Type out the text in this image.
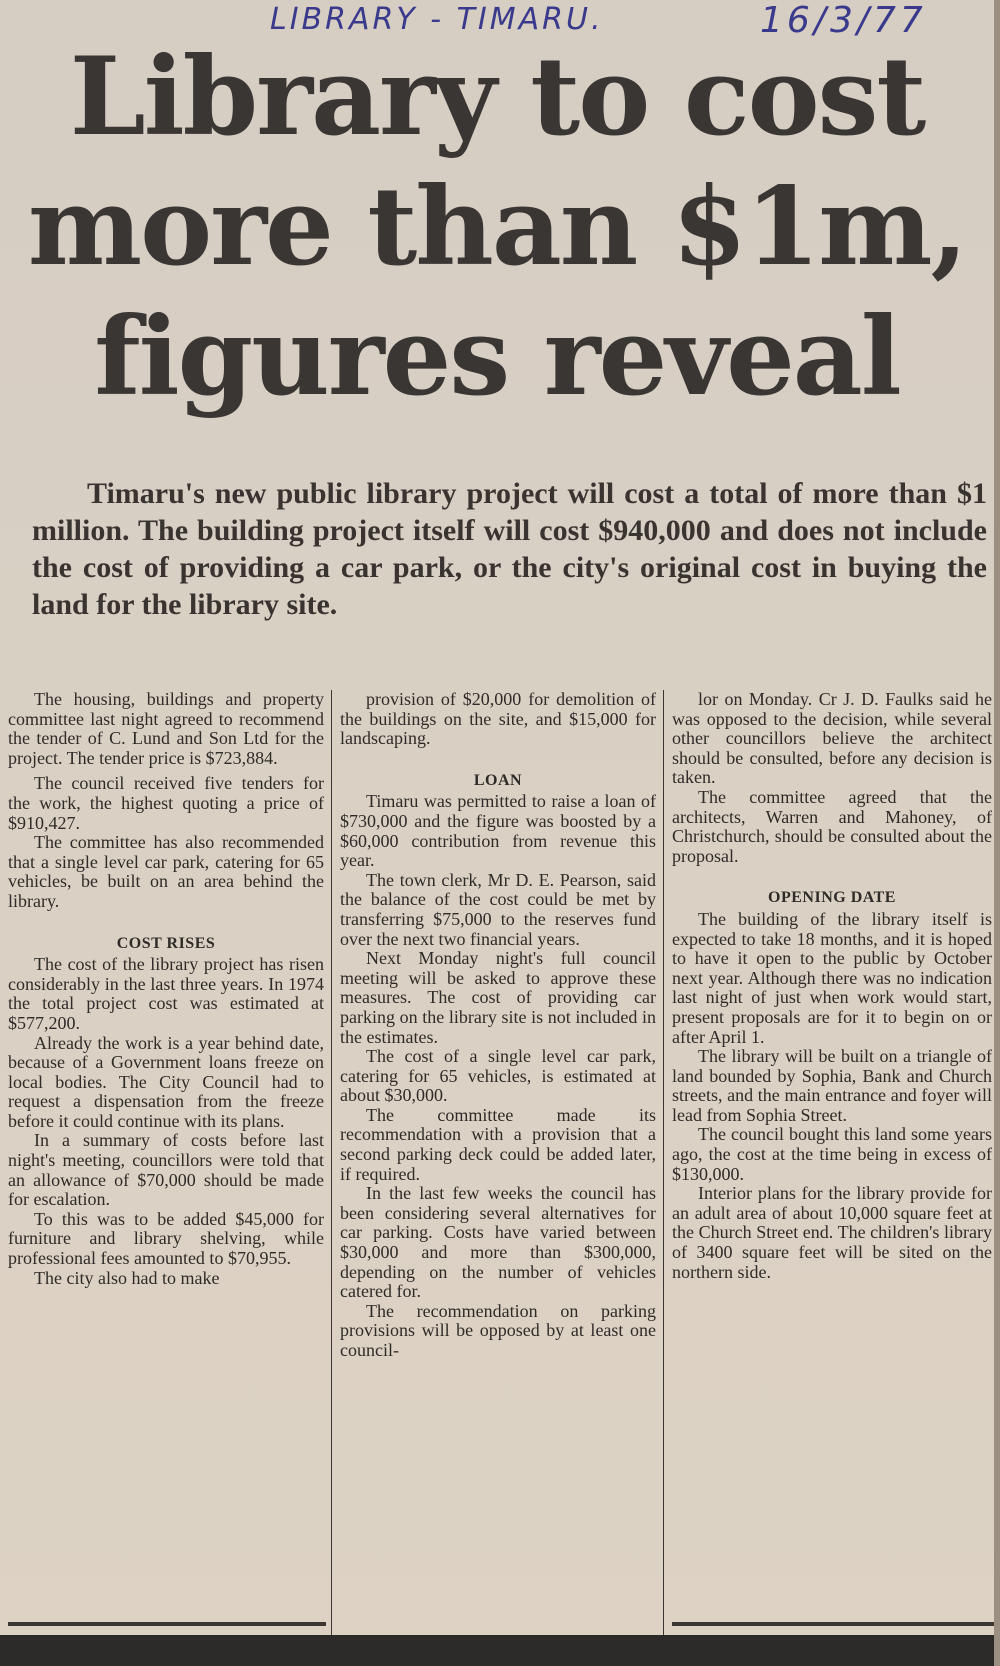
LIBRARY - TIMARU.	16/3/77
Library to cost
more than $1m,
figures reveal
Timaru's new public library project will cost a total of more than $1 million. The building project itself will cost $940,000 and does not include the cost of providing a car park, or the city's original cost in buying the land for the library site.

The housing, buildings and property committee last night agreed to recommend the tender of C. Lund and Son Ltd for the project. The tender price is $723,884.

The council received five tenders for the work, the highest quoting a price of $910,427.

The committee has also recommended that a single level car park, catering for 65 vehicles, be built on an area behind the library.

COST RISES

The cost of the library project has risen considerably in the last three years. In 1974 the total project cost was estimated at $577,200.

Already the work is a year behind date, because of a Government loans freeze on local bodies. The City Council had to request a dispensation from the freeze before it could continue with its plans.

In a summary of costs before last night's meeting, councillors were told that an allowance of $70,000 should be made for escalation.

To this was to be added $45,000 for furniture and library shelving, while professional fees amounted to $70,955.

The city also had to make

provision of $20,000 for demolition of the buildings on the site, and $15,000 for landscaping.

LOAN

Timaru was permitted to raise a loan of $730,000 and the figure was boosted by a $60,000 contribution from revenue this year.

The town clerk, Mr D. E. Pearson, said the balance of the cost could be met by transferring $75,000 to the reserves fund over the next two financial years.

Next Monday night's full council meeting will be asked to approve these measures. The cost of providing car parking on the library site is not included in the estimates.

The cost of a single level car park, catering for 65 vehicles, is estimated at about $30,000.

The committee made its recommendation with a provision that a second parking deck could be added later, if required.

In the last few weeks the council has been considering several alternatives for car parking. Costs have varied between $30,000 and more than $300,000, depending on the number of vehicles catered for.

The recommendation on parking provisions will be opposed by at least one council-

lor on Monday. Cr J. D. Faulks said he was opposed to the decision, while several other councillors believe the architect should be consulted, before any decision is taken.

The committee agreed that the architects, Warren and Mahoney, of Christchurch, should be consulted about the proposal.

OPENING DATE

The building of the library itself is expected to take 18 months, and it is hoped to have it open to the public by October next year. Although there was no indication last night of just when work would start, present proposals are for it to begin on or after April 1.

The library will be built on a triangle of land bounded by Sophia, Bank and Church streets, and the main entrance and foyer will lead from Sophia Street.

The council bought this land some years ago, the cost at the time being in excess of $130,000.

Interior plans for the library provide for an adult area of about 10,000 square feet at the Church Street end. The children's library of 3400 square feet will be sited on the northern side.
